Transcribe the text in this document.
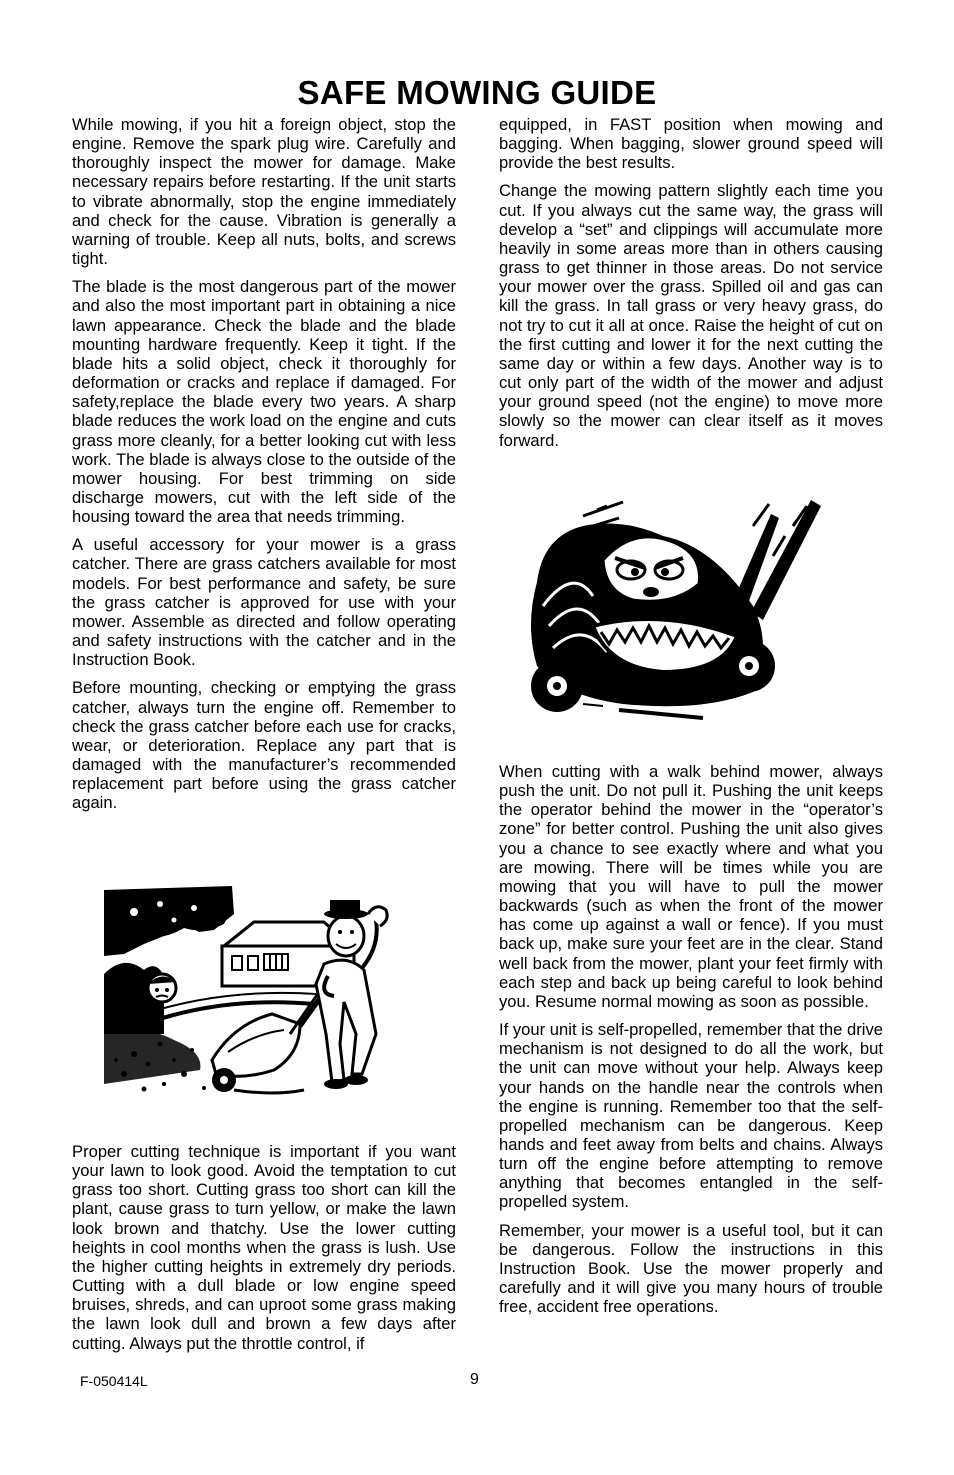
SAFE MOWING GUIDE

While mowing, if you hit a foreign object, stop the engine. Remove the spark plug wire. Carefully and thoroughly inspect the mower for damage. Make necessary repairs before restarting. If the unit starts to vibrate abnormally, stop the engine immediately and check for the cause. Vibration is generally a warning of trouble. Keep all nuts, bolts, and screws tight.

The blade is the most dangerous part of the mower and also the most important part in obtaining a nice lawn appearance. Check the blade and the blade mounting hardware frequently. Keep it tight. If the blade hits a solid object, check it thoroughly for deformation or cracks and replace if damaged. For safety,replace the blade every two years. A sharp blade reduces the work load on the engine and cuts grass more cleanly, for a better looking cut with less work. The blade is always close to the outside of the mower housing. For best trimming on side discharge mowers, cut with the left side of the housing toward the area that needs trimming.

A useful accessory for your mower is a grass catcher. There are grass catchers available for most models. For best performance and safety, be sure the grass catcher is approved for use with your mower. Assemble as directed and follow operating and safety instructions with the catcher and in the Instruction Book.

Before mounting, checking or emptying the grass catcher, always turn the engine off. Remember to check the grass catcher before each use for cracks, wear, or deterioration. Replace any part that is damaged with the manufacturer’s recommended replacement part before using the grass catcher again.

Proper cutting technique is important if you want your lawn to look good. Avoid the temptation to cut grass too short. Cutting grass too short can kill the plant, cause grass to turn yellow, or make the lawn look brown and thatchy. Use the lower cutting heights in cool months when the grass is lush. Use the higher cutting heights in extremely dry periods. Cutting with a dull blade or low engine speed bruises, shreds, and can uproot some grass making the lawn look dull and brown a few days after cutting. Always put the throttle control, if

equipped, in FAST position when mowing and bagging. When bagging, slower ground speed will provide the best results.

Change the mowing pattern slightly each time you cut. If you always cut the same way, the grass will develop a “set” and clippings will accumulate more heavily in some areas more than in others causing grass to get thinner in those areas. Do not service your mower over the grass. Spilled oil and gas can kill the grass. In tall grass or very heavy grass, do not try to cut it all at once. Raise the height of cut on the first cutting and lower it for the next cutting the same day or within a few days. Another way is to cut only part of the width of the mower and adjust your ground speed (not the engine) to move more slowly so the mower can clear itself as it moves forward.

When cutting with a walk behind mower, always push the unit. Do not pull it. Pushing the unit keeps the operator behind the mower in the “operator’s zone” for better control. Pushing the unit also gives you a chance to see exactly where and what you are mowing. There will be times while you are mowing that you will have to pull the mower backwards (such as when the front of the mower has come up against a wall or fence). If you must back up, make sure your feet are in the clear. Stand well back from the mower, plant your feet firmly with each step and back up being careful to look behind you. Resume normal mowing as soon as possible.

If your unit is self-propelled, remember that the drive mechanism is not designed to do all the work, but the unit can move without your help. Always keep your hands on the handle near the controls when the engine is running. Remember too that the self-propelled mechanism can be dangerous. Keep hands and feet away from belts and chains. Always turn off the engine before attempting to remove anything that becomes entangled in the self-propelled system.

Remember, your mower is a useful tool, but it can be dangerous. Follow the instructions in this Instruction Book. Use the mower properly and carefully and it will give you many hours of trouble free, accident free operations.

F-050414L	9
